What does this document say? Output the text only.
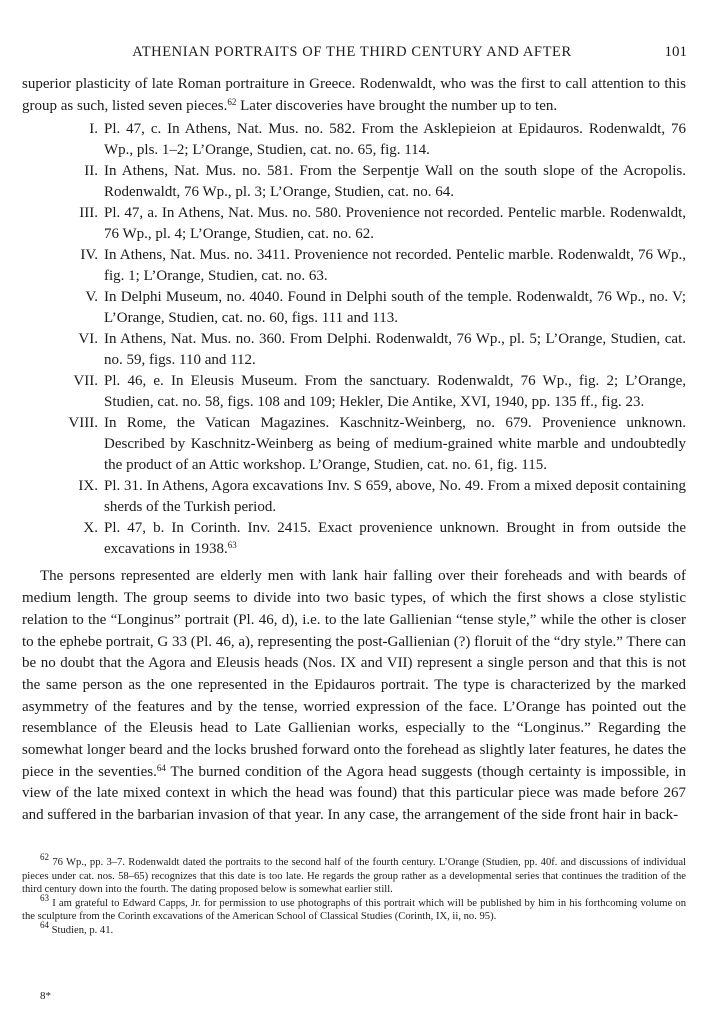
ATHENIAN PORTRAITS OF THE THIRD CENTURY AND AFTER	101

superior plasticity of late Roman portraiture in Greece. Rodenwaldt, who was the first to call attention to this group as such, listed seven pieces.$^{62}$ Later discoveries have brought the number up to ten.

I. Pl. 47, c. In Athens, Nat. Mus. no. 582. From the Asklepieion at Epidauros. Rodenwaldt, 76 Wp., pls. 1–2; L’Orange, Studien, cat. no. 65, fig. 114.
II. In Athens, Nat. Mus. no. 581. From the Serpentje Wall on the south slope of the Acropolis. Rodenwaldt, 76 Wp., pl. 3; L’Orange, Studien, cat. no. 64.
III. Pl. 47, a. In Athens, Nat. Mus. no. 580. Provenience not recorded. Pentelic marble. Rodenwaldt, 76 Wp., pl. 4; L’Orange, Studien, cat. no. 62.
IV. In Athens, Nat. Mus. no. 3411. Provenience not recorded. Pentelic marble. Rodenwaldt, 76 Wp., fig. 1; L’Orange, Studien, cat. no. 63.
V. In Delphi Museum, no. 4040. Found in Delphi south of the temple. Rodenwaldt, 76 Wp., no. V; L’Orange, Studien, cat. no. 60, figs. 111 and 113.
VI. In Athens, Nat. Mus. no. 360. From Delphi. Rodenwaldt, 76 Wp., pl. 5; L’Orange, Studien, cat. no. 59, figs. 110 and 112.
VII. Pl. 46, e. In Eleusis Museum. From the sanctuary. Rodenwaldt, 76 Wp., fig. 2; L’Orange, Studien, cat. no. 58, figs. 108 and 109; Hekler, Die Antike, XVI, 1940, pp. 135 ff., fig. 23.
VIII. In Rome, the Vatican Magazines. Kaschnitz-Weinberg, no. 679. Provenience unknown. Described by Kaschnitz-Weinberg as being of medium-grained white marble and undoubtedly the product of an Attic workshop. L’Orange, Studien, cat. no. 61, fig. 115.
IX. Pl. 31. In Athens, Agora excavations Inv. S 659, above, No. 49. From a mixed deposit containing sherds of the Turkish period.
X. Pl. 47, b. In Corinth. Inv. 2415. Exact provenience unknown. Brought in from outside the excavations in 1938.63

The persons represented are elderly men with lank hair falling over their foreheads and with beards of medium length. The group seems to divide into two basic types, of which the first shows a close stylistic relation to the “Longinus” portrait (Pl. 46, d), i.e. to the late Gallienian “tense style,” while the other is closer to the ephebe portrait, G 33 (Pl. 46, a), representing the post-Gallienian (?) floruit of the “dry style.” There can be no doubt that the Agora and Eleusis heads (Nos. IX and VII) represent a single person and that this is not the same person as the one represented in the Epidauros portrait. The type is characterized by the marked asymmetry of the features and by the tense, worried expression of the face. L’Orange has pointed out the resemblance of the Eleusis head to Late Gallienian works, especially to the “Longinus.” Regarding the somewhat longer beard and the locks brushed forward onto the forehead as slightly later features, he dates the piece in the seventies.$^{64}$ The burned condition of the Agora head suggests (though certainty is impossible, in view of the late mixed context in which the head was found) that this particular piece was made before 267 and suffered in the barbarian invasion of that year. In any case, the arrangement of the side front hair in back-

$^{62}$ 76 Wp., pp. 3–7. Rodenwaldt dated the portraits to the second half of the fourth century. L’Orange (Studien, pp. 40f. and discussions of individual pieces under cat. nos. 58–65) recognizes that this date is too late. He regards the group rather as a developmental series that continues the tradition of the third century down into the fourth. The dating proposed below is somewhat earlier still.

$^{63}$ I am grateful to Edward Capps, Jr. for permission to use photographs of this portrait which will be published by him in his forthcoming volume on the sculpture from the Corinth excavations of the American School of Classical Studies (Corinth, IX, ii, no. 95).

$^{64}$ Studien, p. 41.

8*
